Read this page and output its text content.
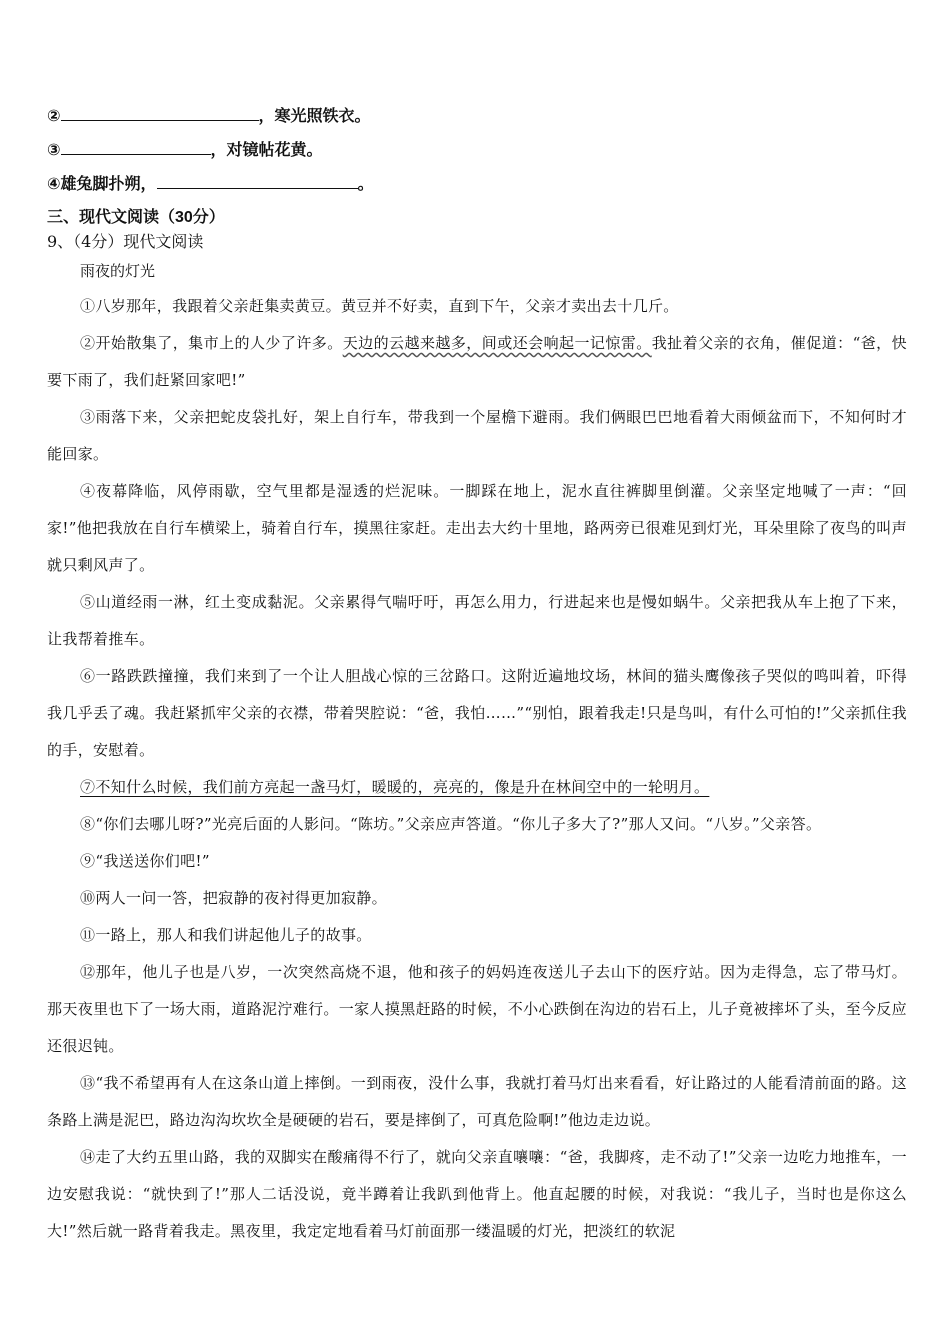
②	，寒光照铁衣。
③	，对镜帖花黄。
④雄兔脚扑朔，	。
三、现代文阅读（30分）
9、（4分）现代文阅读
雨夜的灯光

①八岁那年，我跟着父亲赶集卖黄豆。黄豆并不好卖，直到下午，父亲才卖出去十几斤。

②开始散集了，集市上的人少了许多。天边的云越来越多，间或还会响起一记惊雷。我扯着父亲的衣角，催促道：“爸，快要下雨了，我们赶紧回家吧!”

③雨落下来，父亲把蛇皮袋扎好，架上自行车，带我到一个屋檐下避雨。我们俩眼巴巴地看着大雨倾盆而下，不知何时才能回家。

④夜幕降临，风停雨歇，空气里都是湿透的烂泥味。一脚踩在地上，泥水直往裤脚里倒灌。父亲坚定地喊了一声：“回家!”他把我放在自行车横梁上，骑着自行车，摸黑往家赶。走出去大约十里地，路两旁已很难见到灯光，耳朵里除了夜鸟的叫声就只剩风声了。

⑤山道经雨一淋，红土变成黏泥。父亲累得气喘吁吁，再怎么用力，行进起来也是慢如蜗牛。父亲把我从车上抱了下来，让我帮着推车。

⑥一路跌跌撞撞，我们来到了一个让人胆战心惊的三岔路口。这附近遍地坟场，林间的猫头鹰像孩子哭似的鸣叫着，吓得我几乎丢了魂。我赶紧抓牢父亲的衣襟，带着哭腔说：“爸，我怕……”“别怕，跟着我走!只是鸟叫，有什么可怕的!”父亲抓住我的手，安慰着。

⑦不知什么时候，我们前方亮起一盏马灯，暖暖的，亮亮的，像是升在林间空中的一轮明月。

⑧“你们去哪儿呀?”光亮后面的人影问。“陈坊。”父亲应声答道。“你儿子多大了?”那人又问。“八岁。”父亲答。

⑨“我送送你们吧!”

⑩两人一问一答，把寂静的夜衬得更加寂静。

⑪一路上，那人和我们讲起他儿子的故事。

⑫那年，他儿子也是八岁，一次突然高烧不退，他和孩子的妈妈连夜送儿子去山下的医疗站。因为走得急，忘了带马灯。那天夜里也下了一场大雨，道路泥泞难行。一家人摸黑赶路的时候，不小心跌倒在沟边的岩石上，儿子竟被摔坏了头，至今反应还很迟钝。

⑬“我不希望再有人在这条山道上摔倒。一到雨夜，没什么事，我就打着马灯出来看看，好让路过的人能看清前面的路。这条路上满是泥巴，路边沟沟坎坎全是硬硬的岩石，要是摔倒了，可真危险啊!”他边走边说。

⑭走了大约五里山路，我的双脚实在酸痛得不行了，就向父亲直嚷嚷：“爸，我脚疼，走不动了!”父亲一边吃力地推车，一边安慰我说：“就快到了!”那人二话没说，竟半蹲着让我趴到他背上。他直起腰的时候，对我说：“我儿子，当时也是你这么大!”然后就一路背着我走。黑夜里，我定定地看着马灯前面那一缕温暖的灯光，把淡红的软泥
